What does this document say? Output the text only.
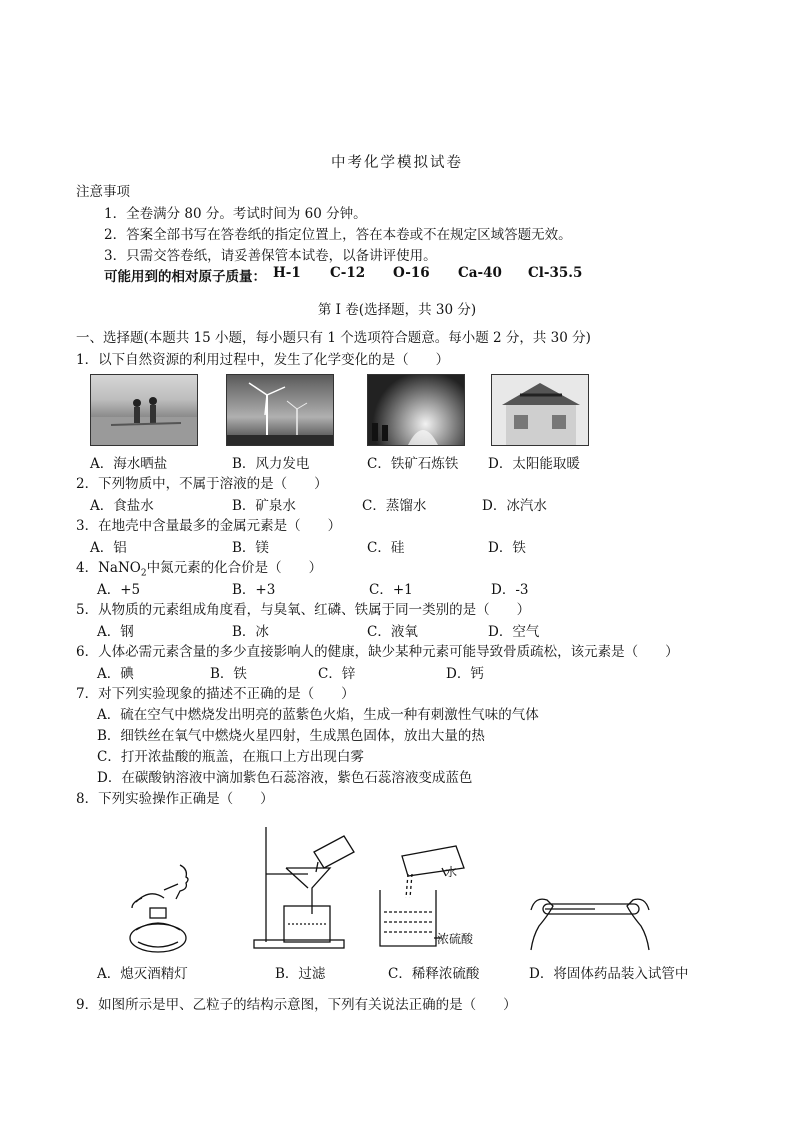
中考化学模拟试卷
注意事项
1．全卷满分 80 分。考试时间为 60 分钟。
2．答案全部书写在答卷纸的指定位置上，答在本卷或不在规定区域答题无效。
3．只需交答卷纸，请妥善保管本试卷，以备讲评使用。
可能用到的相对原子质量： H-1 C-12 O-16 Ca-40 Cl-35.5
第 I 卷(选择题，共 30 分)
一、选择题(本题共 15 小题，每小题只有 1 个选项符合题意。每小题 2 分，共 30 分)
1．以下自然资源的利用过程中，发生了化学变化的是（　　）
A．海水晒盐	B．风力发电	C．铁矿石炼铁 D．太阳能取暖
2．下列物质中，不属于溶液的是（　　）
A．食盐水	B．矿泉水	C．蒸馏水	D．冰汽水
3．在地壳中含量最多的金属元素是（　　）
A．铝	B．镁	C．硅	D．铁
4．NaNO$_2$中氮元素的化合价是（　　）
A．+5	B．+3	C．+1	D．-3
5．从物质的元素组成角度看，与臭氧、红磷、铁属于同一类别的是（　　）
A．钢	B．冰	C．液氧	D．空气
6．人体必需元素含量的多少直接影响人的健康，缺少某种元素可能导致骨质疏松，该元素是（　　）
A．碘	B．铁	C．锌	D．钙
7．对下列实验现象的描述不正确的是（　　）
A．硫在空气中燃烧发出明亮的蓝紫色火焰，生成一种有刺激性气味的气体
B．细铁丝在氧气中燃烧火星四射，生成黑色固体，放出大量的热
C．打开浓盐酸的瓶盖，在瓶口上方出现白雾
D．在碳酸钠溶液中滴加紫色石蕊溶液，紫色石蕊溶液变成蓝色
8．下列实验操作正确是（　　）
水
浓硫酸
A．熄灭酒精灯	B．过滤	C．稀释浓硫酸	D．将固体药品装入试管中
9．如图所示是甲、乙粒子的结构示意图，下列有关说法正确的是（　　）
